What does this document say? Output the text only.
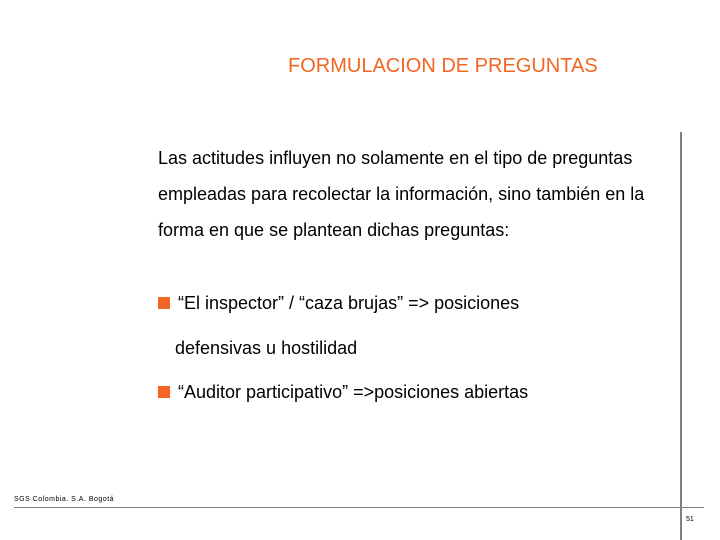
FORMULACION DE PREGUNTAS

Las actitudes influyen no solamente en el tipo de preguntas empleadas para recolectar la información, sino también en la forma en que se plantean dichas preguntas:

“El inspector” / “caza brujas” => posiciones
defensivas u hostilidad
“Auditor participativo” =>posiciones abiertas
SGS Colombia. S.A. Bogotá
51
